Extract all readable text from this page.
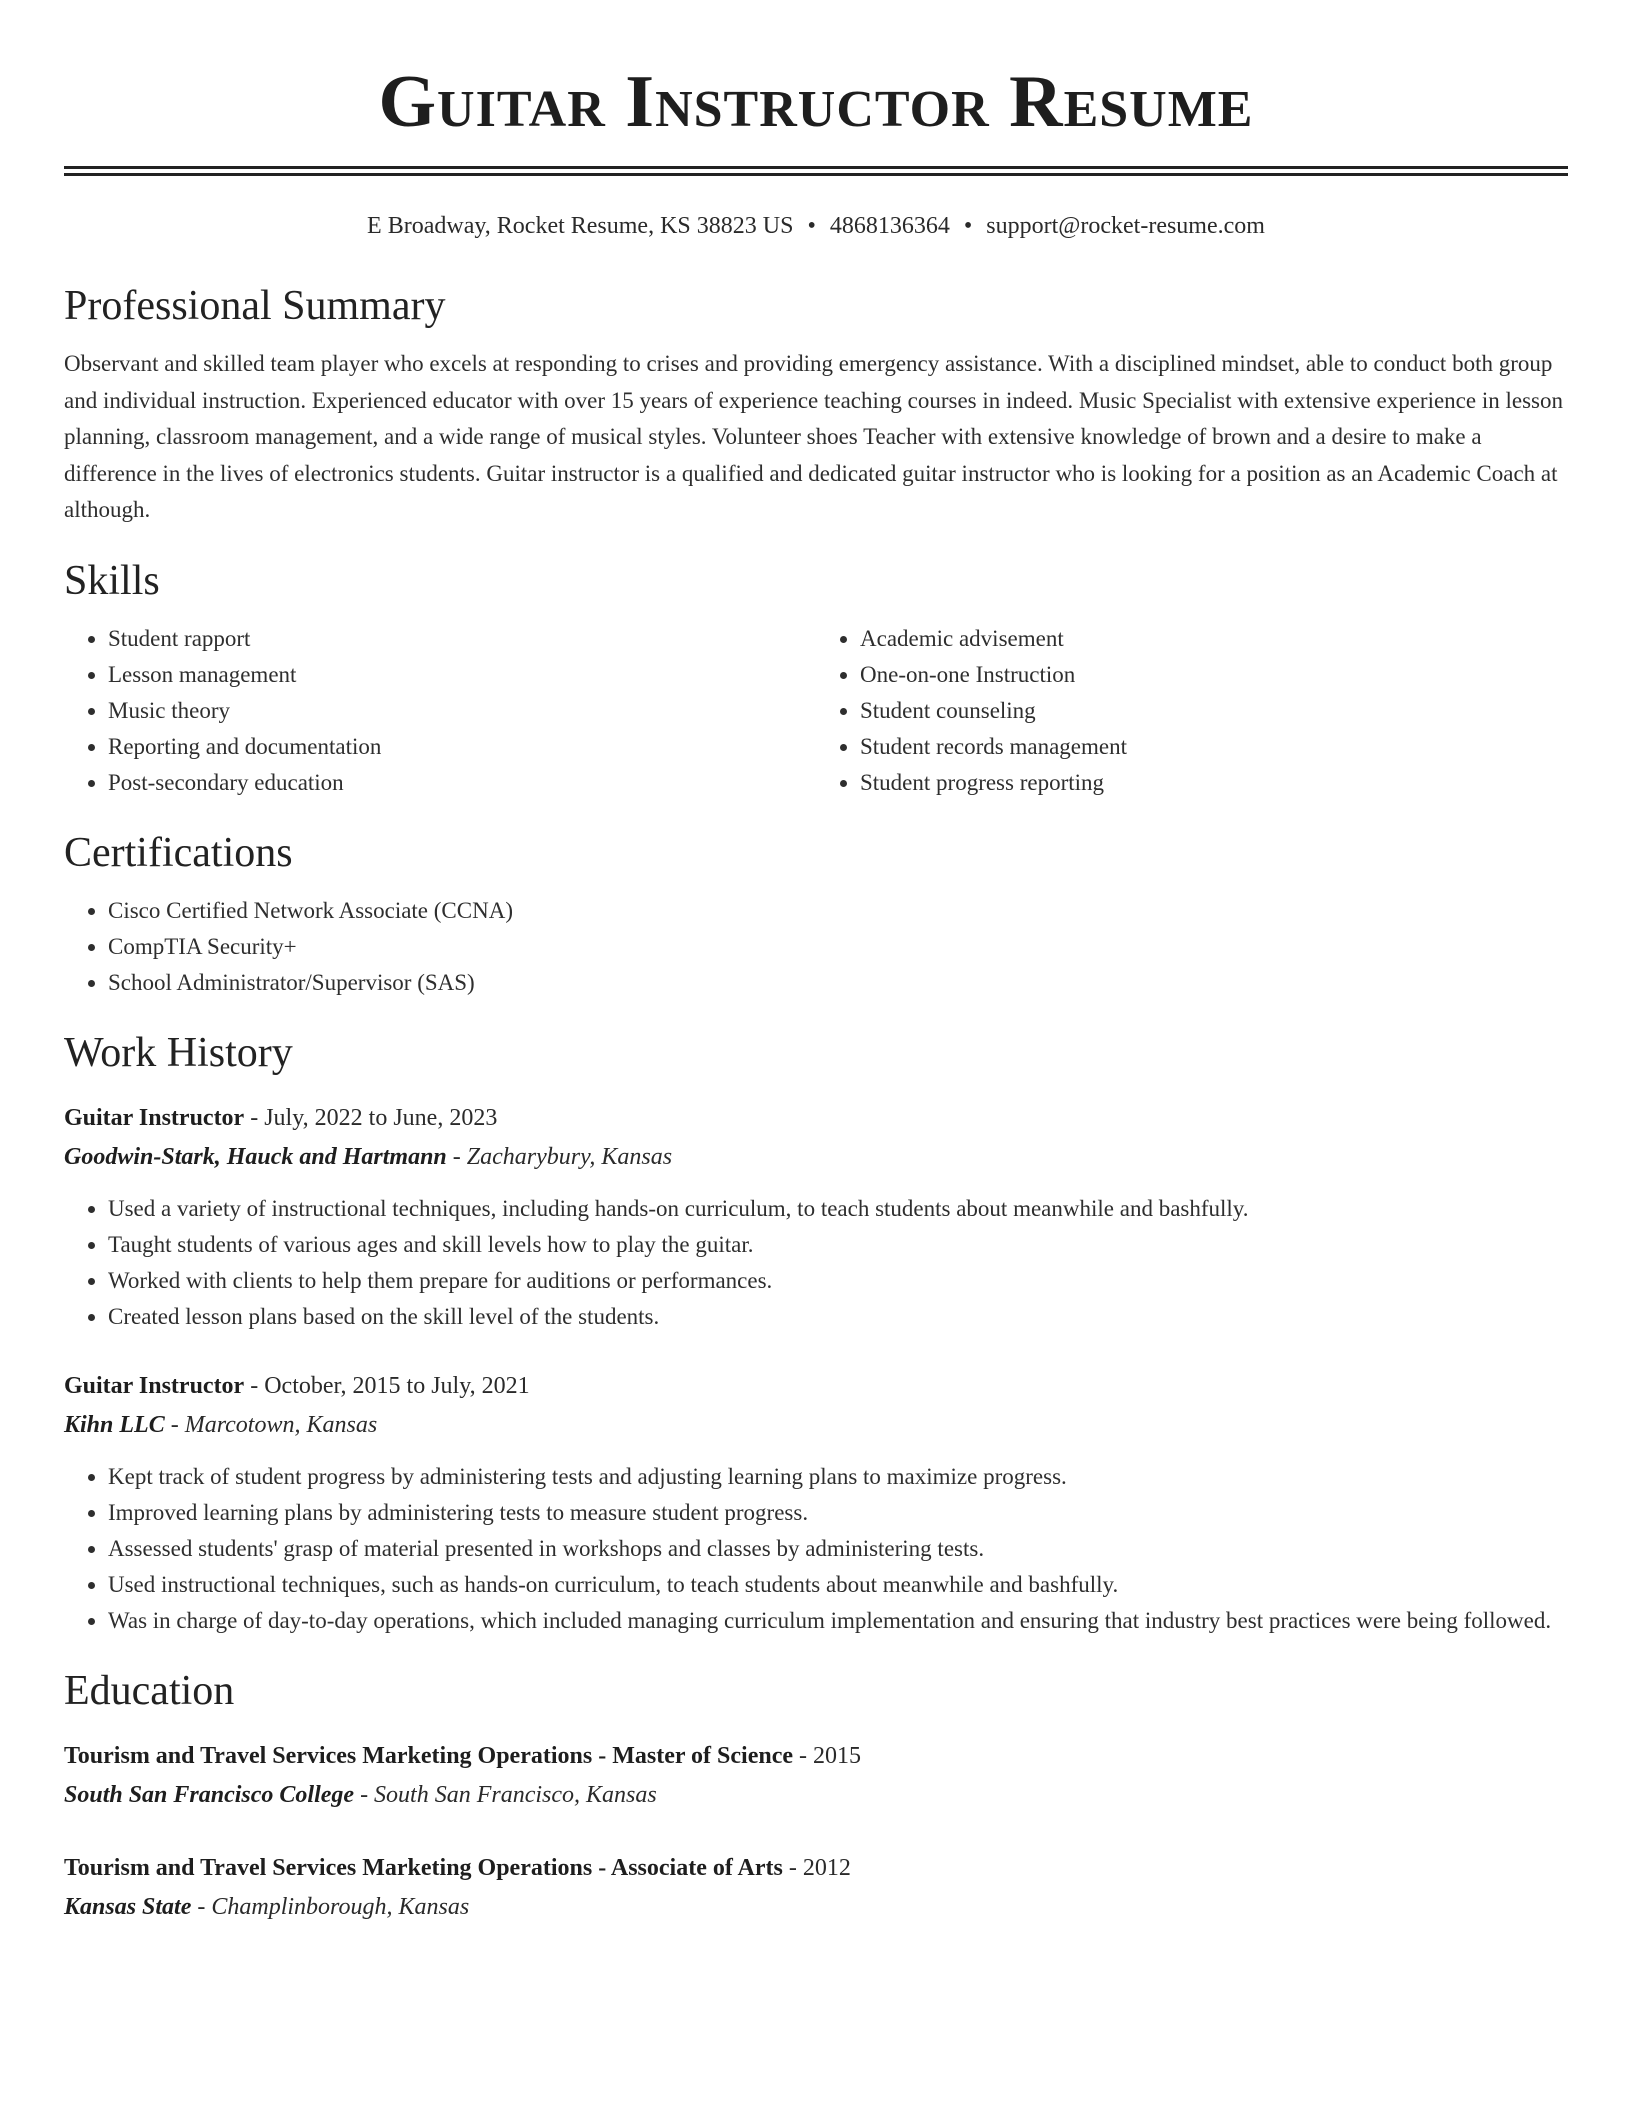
Guitar Instructor Resume
E Broadway, Rocket Resume, KS 38823 US • 4868136364 • support@rocket-resume.com
Professional Summary
Observant and skilled team player who excels at responding to crises and providing emergency assistance. With a disciplined mindset, able to conduct both group and individual instruction. Experienced educator with over 15 years of experience teaching courses in indeed. Music Specialist with extensive experience in lesson planning, classroom management, and a wide range of musical styles. Volunteer shoes Teacher with extensive knowledge of brown and a desire to make a difference in the lives of electronics students. Guitar instructor is a qualified and dedicated guitar instructor who is looking for a position as an Academic Coach at although.
Skills
• Student rapport
• Lesson management
• Music theory
• Reporting and documentation
• Post-secondary education
• Academic advisement
• One-on-one Instruction
• Student counseling
• Student records management
• Student progress reporting
Certifications
• Cisco Certified Network Associate (CCNA)
• CompTIA Security+
• School Administrator/Supervisor (SAS)
Work History
Guitar Instructor - July, 2022 to June, 2023
Goodwin-Stark, Hauck and Hartmann - Zacharybury, Kansas
• Used a variety of instructional techniques, including hands-on curriculum, to teach students about meanwhile and bashfully.
• Taught students of various ages and skill levels how to play the guitar.
• Worked with clients to help them prepare for auditions or performances.
• Created lesson plans based on the skill level of the students.
Guitar Instructor - October, 2015 to July, 2021
Kihn LLC - Marcotown, Kansas
• Kept track of student progress by administering tests and adjusting learning plans to maximize progress.
• Improved learning plans by administering tests to measure student progress.
• Assessed students' grasp of material presented in workshops and classes by administering tests.
• Used instructional techniques, such as hands-on curriculum, to teach students about meanwhile and bashfully.
• Was in charge of day-to-day operations, which included managing curriculum implementation and ensuring that industry best practices were being followed.
Education
Tourism and Travel Services Marketing Operations - Master of Science - 2015
South San Francisco College - South San Francisco, Kansas
Tourism and Travel Services Marketing Operations - Associate of Arts - 2012
Kansas State - Champlinborough, Kansas
